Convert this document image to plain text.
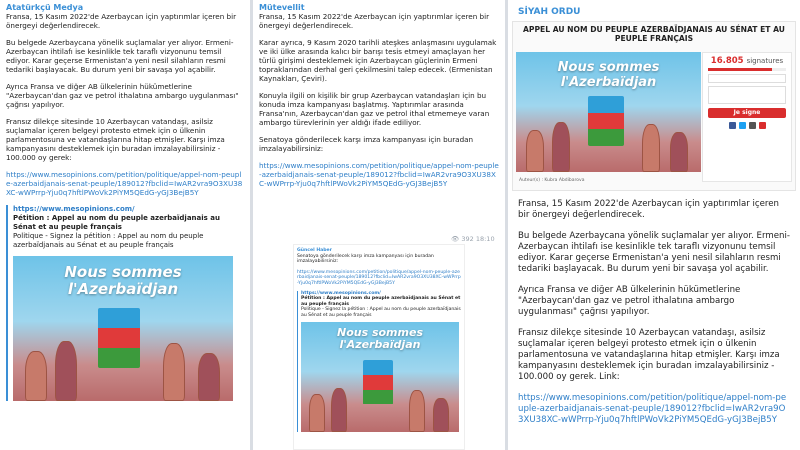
Atatürkçü Medya

Fransa, 15 Kasım 2022'de Azerbaycan için yaptırımlar içeren bir önergeyi değerlendirecek.

Bu belgede Azerbaycana yönelik suçlamalar yer alıyor. Ermeni-Azerbaycan ihtilafı ise kesinlikle tek taraflı vizyonunu temsil ediyor. Karar geçerse Ermenistan'a yeni nesil silahların resmi tedariki başlayacak. Bu durum yeni bir savaşa yol açabilir.

Ayrıca Fransa ve diğer AB ülkelerinin hükümetlerine "Azerbaycan'dan gaz ve petrol ithalatına ambargo uygulanması" çağrısı yapılıyor.

Fransız dilekçe sitesinde 10 Azerbaycan vatandaşı, asilsiz suçlamalar içeren belgeyi protesto etmek için o ülkenin parlamentosuna ve vatandaşlarına hitap etmişler. Karşı imza kampanyasını desteklemek için buradan imzalayabilirsiniz - 100.000 oy gerek:

https://www.mesopinions.com/petition/politique/appel-nom-peuple-azerbaidjanais-senat-peuple/189012?fbclid=IwAR2vra9O3XU38XC-wWPrrp-Yju0q7hftlPWoVk2PiYM5QEdG-yGJ3BejB5Y

https://www.mesopinions.com/
Pétition : Appel au nom du peuple azerbaïdjanais au Sénat et au peuple français
Politique - Signez la pétition : Appel au nom du peuple azerbaïdjanais au Sénat et au peuple français
Nous sommes l'Azerbaïdjan
Mütevellit

Fransa, 15 Kasım 2022'de Azerbaycan için yaptırımlar içeren bir önergeyi değerlendirecek.

Karar ayrıca, 9 Kasım 2020 tarihli ateşkes anlaşmasını uygulamak ve iki ülke arasında kalıcı bir barışı tesis etmeyi amaçlayan her türlü girişimi desteklemek için Azerbaycan güçlerinin Ermeni topraklarından derhal geri çekilmesini talep edecek. (Ermenistan Kaynakları, Çeviri).

Konuyla ilgili on kişilik bir grup Azerbaycan vatandaşları için bu konuda imza kampanyası başlatmış. Yaptırımlar arasında Fransa'nın, Azerbaycan'dan gaz ve petrol ithal etmemeye varan ambargo türevlerinin yer aldığı ifade ediliyor.

Senatoya gönderilecek karşı imza kampanyası için buradan imzalayabilirsiniz:

https://www.mesopinions.com/petition/politique/appel-nom-peuple-azerbaidjanais-senat-peuple/189012?fbclid=IwAR2vra9O3XU38XC-wWPrrp-Yju0q7hftlPWoVk2PiYM5QEdG-yGJ3BejB5Y

👁 392 18:10
Güncel Haber
Senatoya gönderilecek karşı imza kampanyası için buradan imzalayabilirsiniz:
https://www.mesopinions.com/petition/politique/appel-nom-peuple-azerbaidjanais-senat-peuple/189012?fbclid=IwAR2vra9O3XU38XC-wWPrrp-Yju0q7hftlPWoVk2PiYM5QEdG-yGJ3BejB5Y
https://www.mesopinions.com/
Pétition : Appel au nom du peuple azerbaïdjanais au Sénat et au peuple français
Politique - Signez la pétition : Appel au nom du peuple azerbaïdjanais au Sénat et au peuple français
Nous sommes l'Azerbaïdjan
SİYAH ORDU
APPEL AU NOM DU PEUPLE AZERBAÏDJANAIS AU SÉNAT ET AU PEUPLE FRANÇAIS
Nous sommes l'Azerbaïdjan
Auteur(s) : Kubra Abdibarova
16.805 signatures
Je signe

Fransa, 15 Kasım 2022'de Azerbaycan için yaptırımlar içeren bir önergeyi değerlendirecek.

Bu belgede Azerbaycana yönelik suçlamalar yer alıyor. Ermeni-Azerbaycan ihtilafı ise kesinlikle tek taraflı vizyonunu temsil ediyor. Karar geçerse Ermenistan'a yeni nesil silahların resmi tedariki başlayacak. Bu durum yeni bir savaşa yol açabilir.

Ayrıca Fransa ve diğer AB ülkelerinin hükümetlerine "Azerbaycan'dan gaz ve petrol ithalatına ambargo uygulanması" çağrısı yapılıyor.

Fransız dilekçe sitesinde 10 Azerbaycan vatandaşı, asilsiz suçlamalar içeren belgeyi protesto etmek için o ülkenin parlamentosuna ve vatandaşlarına hitap etmişler. Karşı imza kampanyasını desteklemek için buradan imzalayabilirsiniz - 100.000 oy gerek. Link:

https://www.mesopinions.com/petition/politique/appel-nom-peuple-azerbaidjanais-senat-peuple/189012?fbclid=IwAR2vra9O3XU38XC-wWPrrp-Yju0q7hftlPWoVk2PiYM5QEdG-yGJ3BejB5Y
